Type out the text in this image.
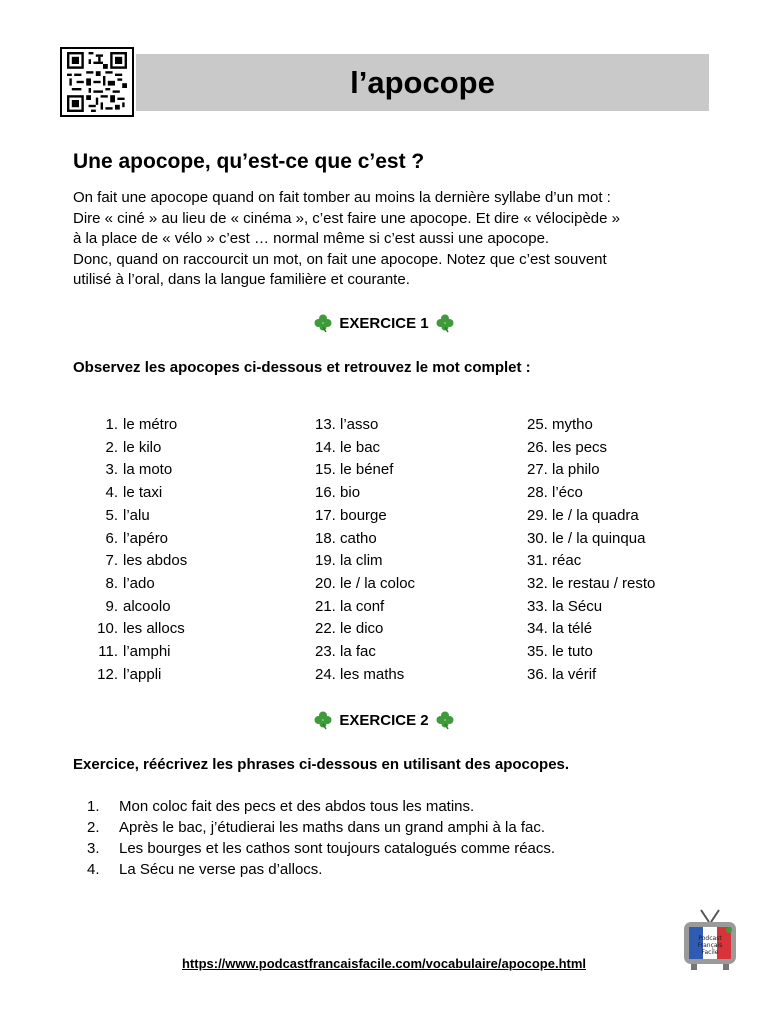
l’apocope
Une apocope, qu’est-ce que c’est ?

On fait une apocope quand on fait tomber au moins la dernière syllabe d’un mot :

Dire « ciné » au lieu de « cinéma », c’est faire une apocope. Et dire « vélocipède »

à la place de « vélo » c’est … normal même si c’est aussi une apocope.

Donc, quand on raccourcit un mot, on fait une apocope. Notez que c’est souvent

utilisé à l’oral, dans la langue familière et courante.

EXERCICE 1
Observez les apocopes ci-dessous et retrouvez le mot complet :
1. le métro
2. le kilo
3. la moto
4. le taxi
5. l’alu
6. l’apéro
7. les abdos
8. l’ado
9. alcoolo
10. les allocs
11. l’amphi
12. l’appli
13. l’asso
14. le bac
15. le bénef
16. bio
17. bourge
18. catho
19. la clim
20. le / la coloc
21. la conf
22. le dico
23. la fac
24. les maths
25. mytho
26. les pecs
27. la philo
28. l’éco
29. le / la quadra
30. le / la quinqua
31. réac
32. le restau / resto
33. la Sécu
34. la télé
35. le tuto
36. la vérif
EXERCICE 2
Exercice, réécrivez les phrases ci-dessous en utilisant des apocopes.
1.	Mon coloc fait des pecs et des abdos tous les matins.
2.	Après le bac, j’étudierai les maths dans un grand amphi à la fac.
3.	Les bourges et les cathos sont toujours catalogués comme réacs.
4.	La Sécu ne verse pas d’allocs.
https://www.podcastfrancaisfacile.com/vocabulaire/apocope.html
Podcast
Français
Facile
